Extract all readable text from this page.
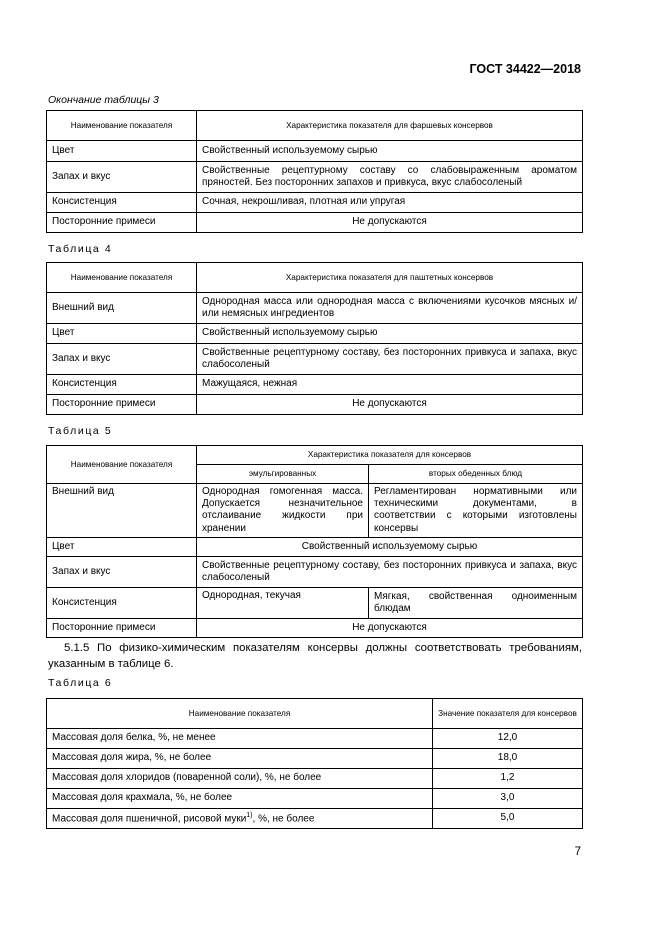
ГОСТ 34422—2018
Окончание таблицы 3
Наименование показателя	Характеристика показателя для фаршевых консервов
Цвет	Свойственный используемому сырью
Запах и вкус	Свойственные рецептурному составу со слабовыраженным ароматом пряностей. Без посторонних запахов и привкуса, вкус слабосоленый
Консистенция	Сочная, некрошливая, плотная или упругая
Посторонние примеси	Не допускаются
Таблица 4
Наименование показателя	Характеристика показателя для паштетных консервов
Внешний вид	Однородная масса или однородная масса с включениями кусочков мясных и/или немясных ингредиентов
Цвет	Свойственный используемому сырью
Запах и вкус	Свойственные рецептурному составу, без посторонних привкуса и запаха, вкус слабосоленый
Консистенция	Мажущаяся, нежная
Посторонние примеси	Не допускаются
Таблица 5
Наименование показателя	Характеристика показателя для консервов	
	эмульгированных	вторых обеденных блюд
Внешний вид	Однородная гомогенная масса. Допускается незначительное отслаивание жидкости при хранении	Регламентирован нормативными или техническими документами, в соответствии с которыми изготовлены консервы
Цвет	Свойственный используемому сырью	
Запах и вкус	Свойственные рецептурному составу, без посторонних привкуса и запаха, вкус слабосоленый	
Консистенция	Однородная, текучая	Мягкая, свойственная одноименным блюдам
Посторонние примеси	Не допускаются	
5.1.5 По физико-химическим показателям консервы должны соответствовать требованиям, указанным в таблице 6.
Таблица 6
Наименование показателя	Значение показателя для консервов
Массовая доля белка, %, не менее	12,0
Массовая доля жира, %, не более	18,0
Массовая доля хлоридов (поваренной соли), %, не более	1,2
Массовая доля крахмала, %, не более	3,0
Массовая доля пшеничной, рисовой муки$^{1)}$, %, не более	5,0
7
